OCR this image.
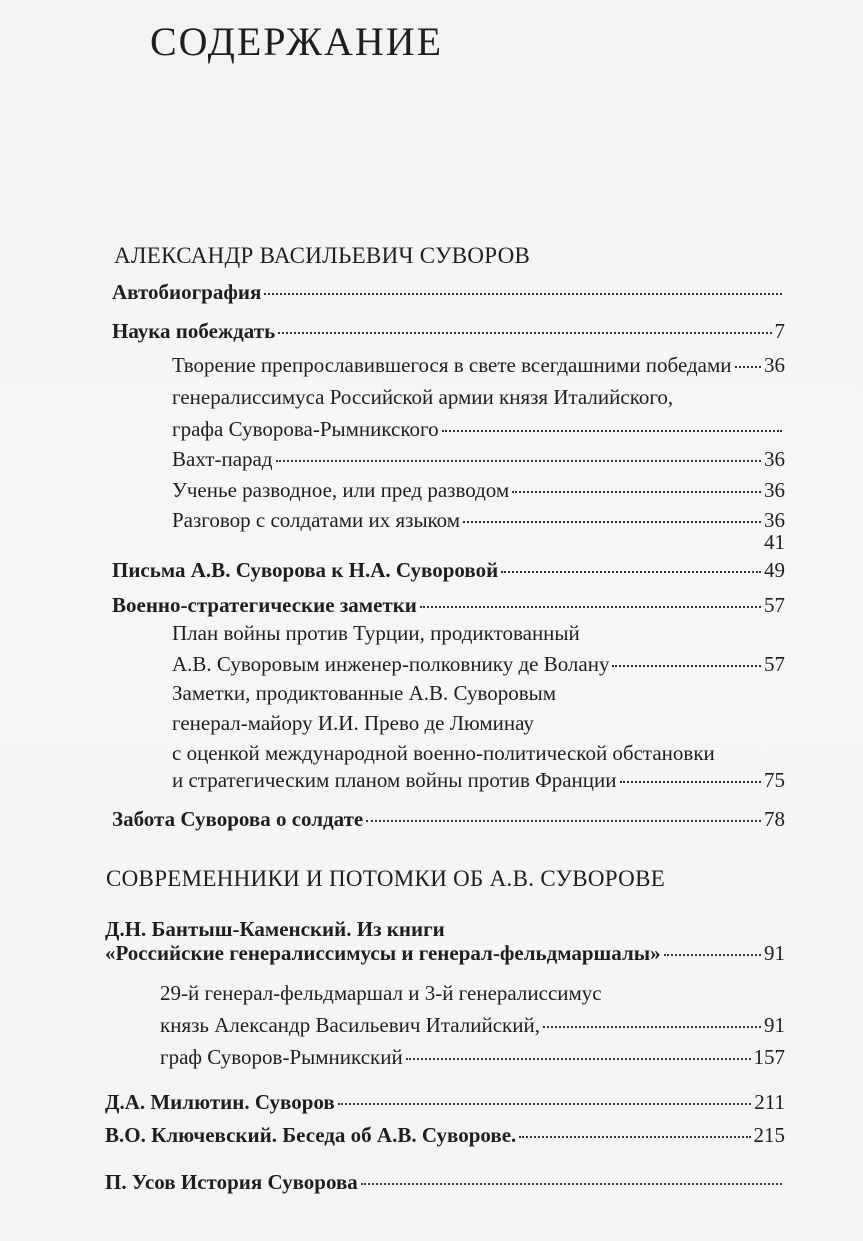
СОДЕРЖАНИЕ
АЛЕКСАНДР ВАСИЛЬЕВИЧ СУВОРОВ
Автобиография
Наука побеждать	7
Творение препрославившегося в свете всегдашними победами 36
генералиссимуса Российской армии князя Италийского,
графа Суворова-Рымникского
Вахт-парад	36
Ученье разводное, или пред разводом	36
Разговор с солдатами их языком	36
41
Письма А.В. Суворова к Н.А. Суворовой	49
Военно-стратегические заметки	57
План войны против Турции, продиктованный
А.В. Суворовым инженер-полковнику де Волану	57
Заметки, продиктованные А.В. Суворовым
генерал-майору И.И. Прево де Люминау
с оценкой международной военно-политической обстановки
и стратегическим планом войны против Франции	75
Забота Суворова о солдате	78
СОВРЕМЕННИКИ И ПОТОМКИ ОБ А.В. СУВОРОВЕ
Д.Н. Бантыш-Каменский. Из книги
«Российские генералиссимусы и генерал-фельдмаршалы»	91
29-й генерал-фельдмаршал и 3-й генералиссимус
князь Александр Васильевич Италийский,	91
граф Суворов-Рымникский	157
Д.А. Милютин. Суворов	211
В.О. Ключевский. Беседа об А.В. Суворове.	215
П. Усов История Суворова
